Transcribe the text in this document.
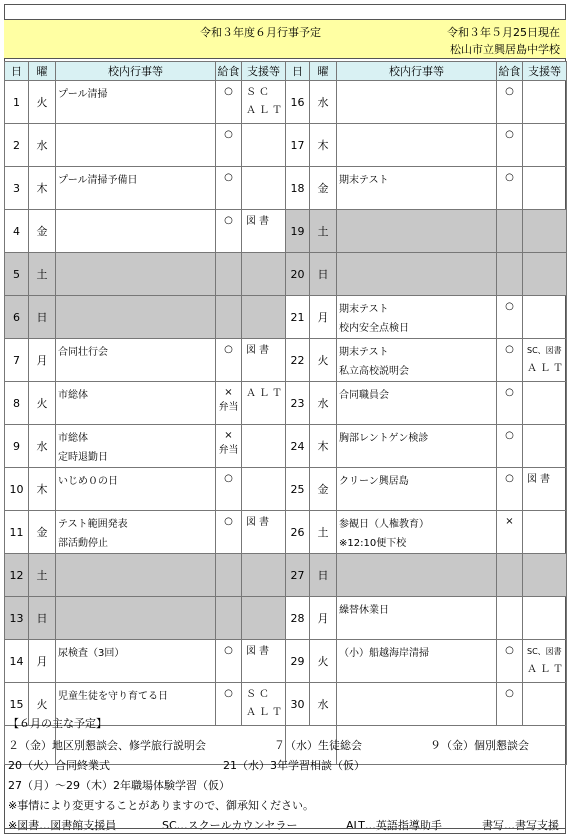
令和３年度６月行事予定	令和３年５月25日現在
松山市立興居島中学校
日	曜	校内行事等	給食	支援等	日	曜	校内行事等	給食	支援等
1	火	プール清掃	○	ＳＣ
ＡＬＴ	16	水		○	

2	水		○		17	木		○	

3	木	プール清掃予備日	○		18	金	期末テスト	○	

4	金		○	図書	19	土	

5	土				20	日	

6	日				21	月	期末テスト
校内安全点検日	○	

7	月	合同壮行会	○	図書	22	火	期末テスト
私立高校説明会	○	SC、図書
ＡＬＴ

8	火	市総体	×
弁当	ＡＬＴ	23	水	合同職員会	○	

9	水	市総体
定時退勤日	×
弁当		24	木	胸部レントゲン検診	○	

10	木	いじめ０の日	○		25	金	クリーン興居島	○	図書

11	金	テスト範囲発表
部活動停止	○	図書	26	土	参観日（人権教育）
※12:10便下校	×	

12	土				27	日	

13	日				28	月	繰替休業日		

14	月	尿検査（3回）	○	図書	29	火	（小）船越海岸清掃	○	SC、図書
ＡＬＴ

15	火	児童生徒を守り育てる日	○	ＳＣ
ＡＬＴ	30	水		○	

【６月の主な予定】
２（金）地区別懇談会、修学旅行説明会	７（水）生徒総会	９（金）個別懇談会
20（火）合同終業式	21（水）3年学習相談（仮）
27（月）〜29（木）2年職場体験学習（仮）
※事情により変更することがありますので、御承知ください。
※図書…図書館支援員	SC…スクールカウンセラー	ALT…英語指導助手	書写…書写支援
